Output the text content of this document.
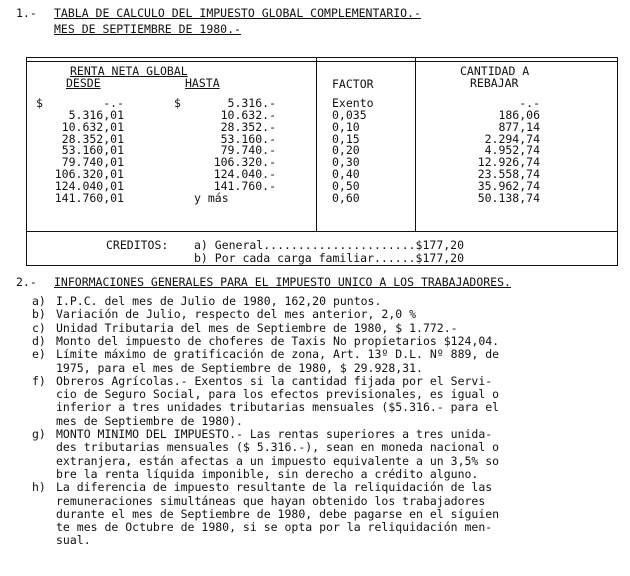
1.- TABLA DE CALCULO DEL IMPUESTO GLOBAL COMPLEMENTARIO.-
MES DE SEPTIEMBRE DE 1980.-
RENTA NETA GLOBAL
DESDE	HASTA	FACTOR
CANTIDAD A
REBAJAR
$	-.-	$	5.316.-	Exento	-.-
5.316,01	10.632.-	0,035	186,06
10.632,01	28.352.-	0,10	877,14
28.352,01	53.160.-	0,15	2.294,74
53.160,01	79.740.-	0,20	4.952,74
79.740,01	106.320.-	0,30	12.926,74
106.320,01	124.040.-	0,40	23.558,74
124.040,01	141.760.-	0,50	35.962,74
141.760,01	y más	0,60	50.138,74
CREDITOS: a) General......................$177,20
b) Por cada carga familiar......$177,20
2.- INFORMACIONES GENERALES PARA EL IMPUESTO UNICO A LOS TRABAJADORES.
a) I.P.C. del mes de Julio de 1980, 162,20 puntos.
b) Variación de Julio, respecto del mes anterior, 2,0 %
c) Unidad Tributaria del mes de Septiembre de 1980, $ 1.772.-
d) Monto del impuesto de choferes de Taxis No propietarios $124,04.
e) Límite máximo de gratificación de zona, Art. 13º D.L. Nº 889, de
1975, para el mes de Septiembre de 1980, $ 29.928,31.
f) Obreros Agrícolas.- Exentos si la cantidad fijada por el Servi-
cio de Seguro Social, para los efectos previsionales, es igual o
inferior a tres unidades tributarias mensuales ($5.316.- para el
mes de Septiembre de 1980).
g) MONTO MINIMO DEL IMPUESTO.- Las rentas superiores a tres unida-
des tributarias mensuales ($ 5.316.-), sean en moneda nacional o
extranjera, están afectas a un impuesto equivalente a un 3,5% so
bre la renta líquida imponible, sin derecho a crédito alguno.
h) La diferencia de impuesto resultante de la reliquidación de las
remuneraciones simultáneas que hayan obtenido los trabajadores
durante el mes de Septiembre de 1980, debe pagarse en el siguien
te mes de Octubre de 1980, si se opta por la reliquidación men-
sual.
